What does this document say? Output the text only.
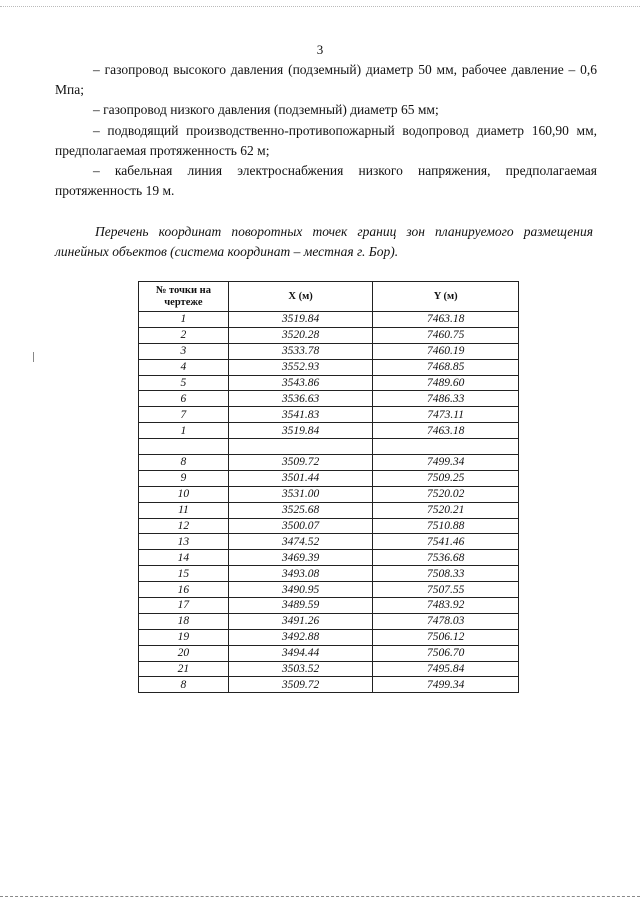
3
– газопровод высокого давления (подземный) диаметр 50 мм, рабочее давление – 0,6 Мпа;
– газопровод низкого давления (подземный) диаметр 65 мм;
– подводящий производственно-противопожарный водопровод диаметр 160,90 мм, предполагаемая протяженность 62 м;
– кабельная линия электроснабжения низкого напряжения, предполагаемая протяженность 19 м.
Перечень координат поворотных точек границ зон планируемого размещения линейных объектов (система координат – местная г. Бор).
№ точки на чертеже	X (м)	Y (м)
1	3519.84	7463.18
2	3520.28	7460.75
3	3533.78	7460.19
4	3552.93	7468.85
5	3543.86	7489.60
6	3536.63	7486.33
7	3541.83	7473.11
1	3519.84	7463.18

8	3509.72	7499.34
9	3501.44	7509.25
10	3531.00	7520.02
11	3525.68	7520.21
12	3500.07	7510.88
13	3474.52	7541.46
14	3469.39	7536.68
15	3493.08	7508.33
16	3490.95	7507.55
17	3489.59	7483.92
18	3491.26	7478.03
19	3492.88	7506.12
20	3494.44	7506.70
21	3503.52	7495.84
8	3509.72	7499.34
